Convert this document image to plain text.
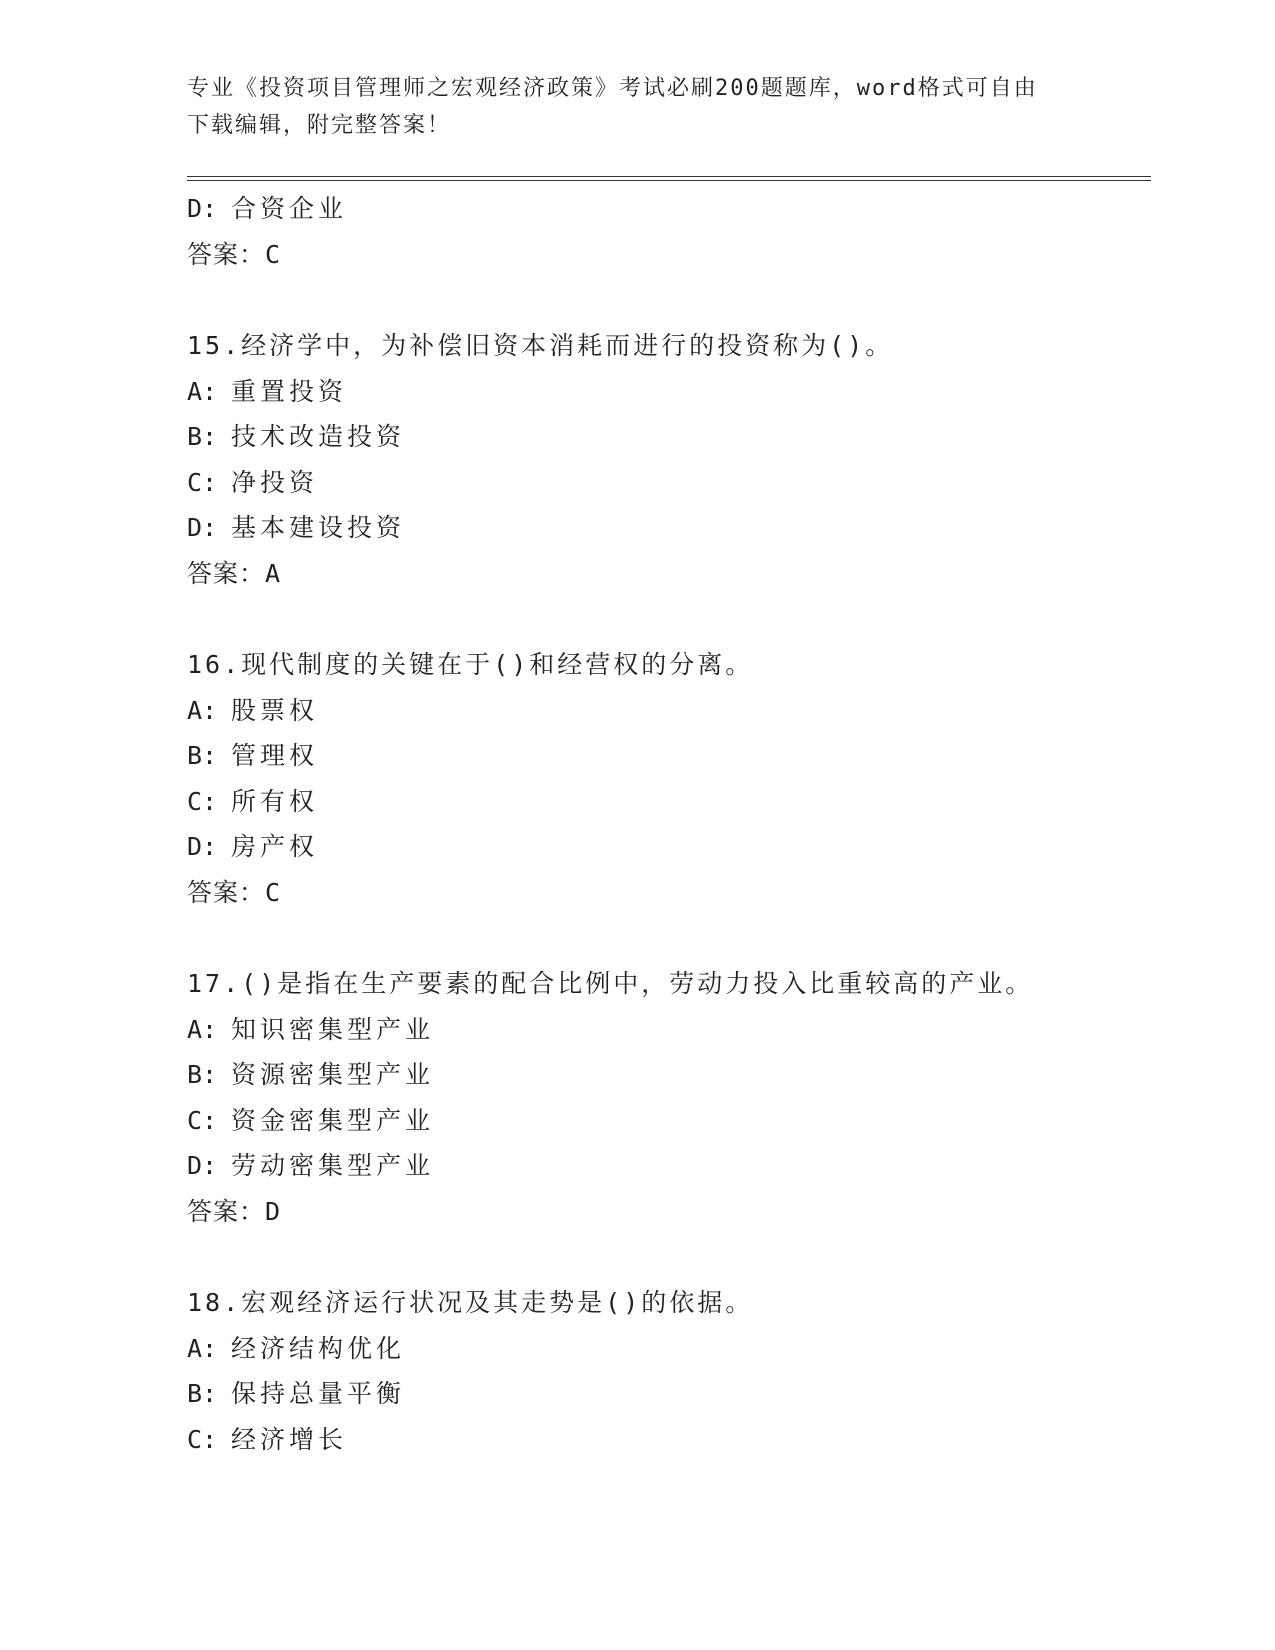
专业《投资项目管理师之宏观经济政策》考试必刷200题题库，word格式可自由
下载编辑，附完整答案！
D: 合资企业
答案：C
15.经济学中，为补偿旧资本消耗而进行的投资称为()。
A: 重置投资
B: 技术改造投资
C: 净投资
D: 基本建设投资
答案：A
16.现代制度的关键在于()和经营权的分离。
A: 股票权
B: 管理权
C: 所有权
D: 房产权
答案：C
17.()是指在生产要素的配合比例中，劳动力投入比重较高的产业。
A: 知识密集型产业
B: 资源密集型产业
C: 资金密集型产业
D: 劳动密集型产业
答案：D
18.宏观经济运行状况及其走势是()的依据。
A: 经济结构优化
B: 保持总量平衡
C: 经济增长
